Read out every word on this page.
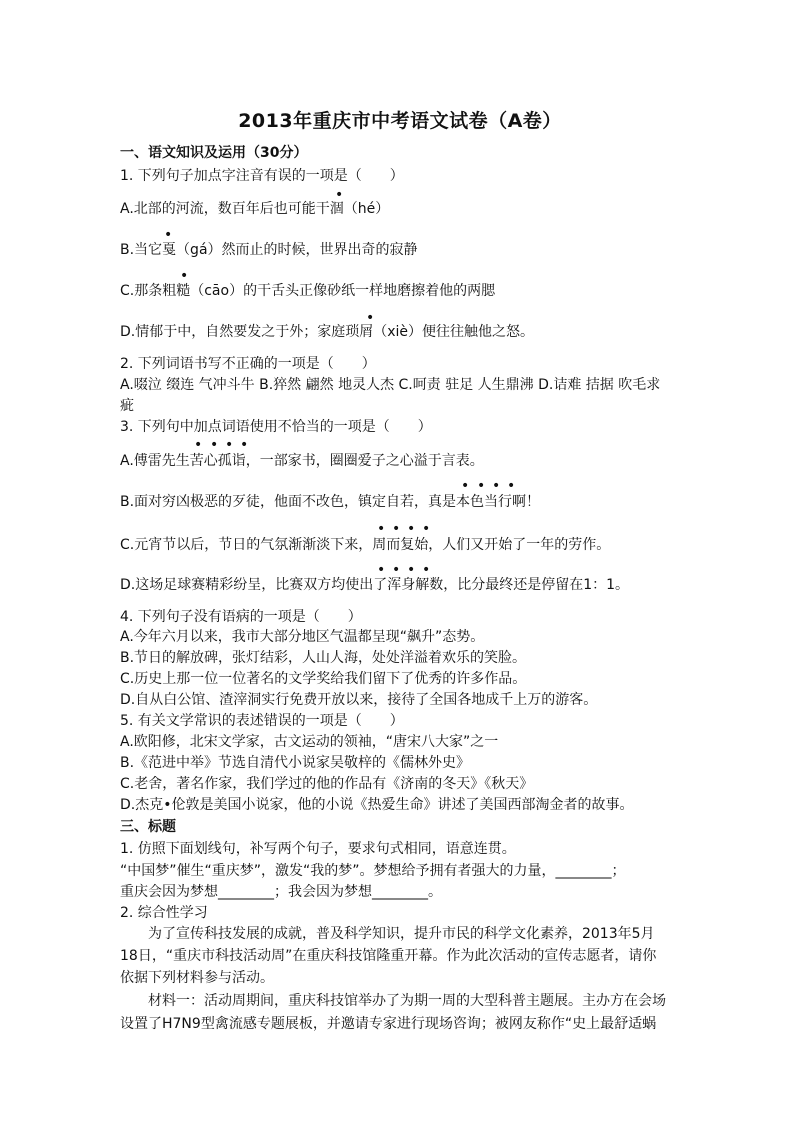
2013年重庆市中考语文试卷（A卷）
一、语文知识及运用（30分）
1. 下列句子加点字注音有误的一项是（　　）
•
A.北部的河流，数百年后也可能干涸（hé）
•
B.当它戛（gá）然而止的时候，世界出奇的寂静
•
C.那条粗糙（cāo）的干舌头正像砂纸一样地磨擦着他的两腮
•
D.情郁于中，自然要发之于外；家庭琐屑（xiè）便往往触他之怒。
2. 下列词语书写不正确的一项是（　　）
A.啜泣 缀连 气冲斗牛 B.猝然 翩然 地灵人杰 C.呵责 驻足 人生鼎沸 D.诘难 拮据 吹毛求
疵
3. 下列句中加点词语使用不恰当的一项是（　　）
• • • •
A.傅雷先生苦心孤诣，一部家书，圈圈爱子之心溢于言表。
• • • •
B.面对穷凶极恶的歹徒，他面不改色，镇定自若，真是本色当行啊！
• • • •
C.元宵节以后，节日的气氛渐渐淡下来，周而复始，人们又开始了一年的劳作。
• • • •
D.这场足球赛精彩纷呈，比赛双方均使出了浑身解数，比分最终还是停留在1：1。
4. 下列句子没有语病的一项是（　　）
A.今年六月以来，我市大部分地区气温都呈现“飙升”态势。
B.节日的解放碑，张灯结彩，人山人海，处处洋溢着欢乐的笑脸。
C.历史上那一位一位著名的文学奖给我们留下了优秀的许多作品。
D.自从白公馆、渣滓洞实行免费开放以来，接待了全国各地成千上万的游客。
5. 有关文学常识的表述错误的一项是（　　）
A.欧阳修，北宋文学家，古文运动的领袖，“唐宋八大家”之一
B.《范进中举》节选自清代小说家吴敬梓的《儒林外史》
C.老舍，著名作家，我们学过的他的作品有《济南的冬天》《秋天》
D.杰克•伦敦是美国小说家，他的小说《热爱生命》讲述了美国西部淘金者的故事。
三、标题
1. 仿照下面划线句，补写两个句子，要求句式相同，语意连贯。
“中国梦”催生“重庆梦”，激发“我的梦”。梦想给予拥有者强大的力量，________；
重庆会因为梦想________；我会因为梦想________。
2. 综合性学习
　　为了宣传科技发展的成就，普及科学知识，提升市民的科学文化素养，2013年5月
18日，“重庆市科技活动周”在重庆科技馆隆重开幕。作为此次活动的宣传志愿者，请你
依据下列材料参与活动。
　　材料一：活动周期间，重庆科技馆举办了为期一周的大型科普主题展。主办方在会场
设置了H7N9型禽流感专题展板，并邀请专家进行现场咨询；被网友称作“史上最舒适蜗
